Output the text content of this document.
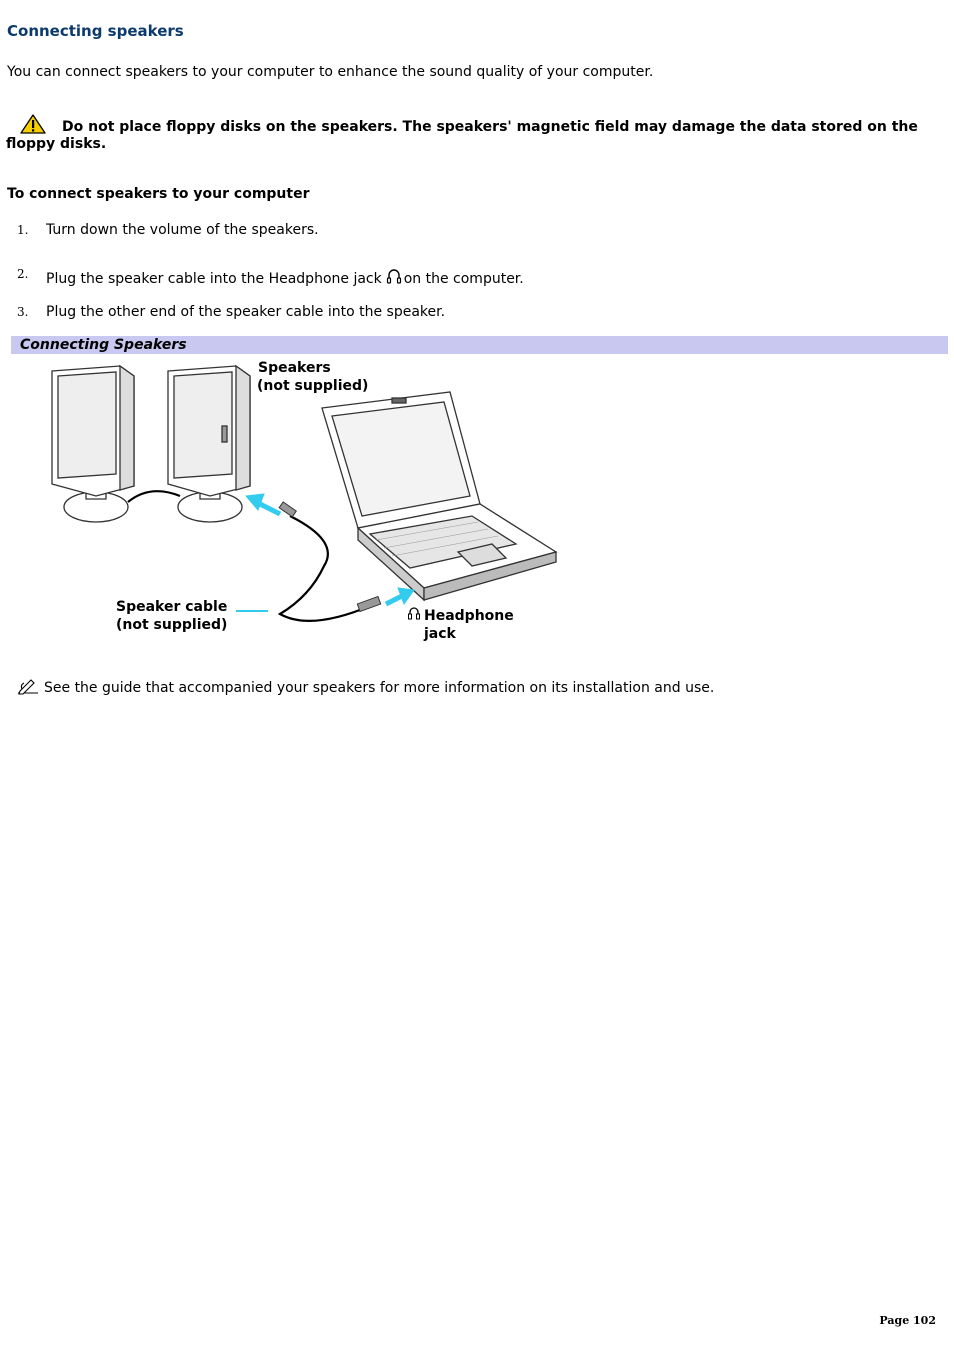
Connecting speakers

You can connect speakers to your computer to enhance the sound quality of your computer.

Do not place floppy disks on the speakers. The speakers' magnetic field may damage the data stored on the floppy disks.

To connect speakers to your computer

1. Turn down the volume of the speakers.
2. Plug the speaker cable into the Headphone jack on the computer.
3. Plug the other end of the speaker cable into the speaker.
Connecting Speakers
Speakers
(not supplied)
Speaker cable
(not supplied)
Headphone
jack
See the guide that accompanied your speakers for more information on its installation and use.
Page 102
